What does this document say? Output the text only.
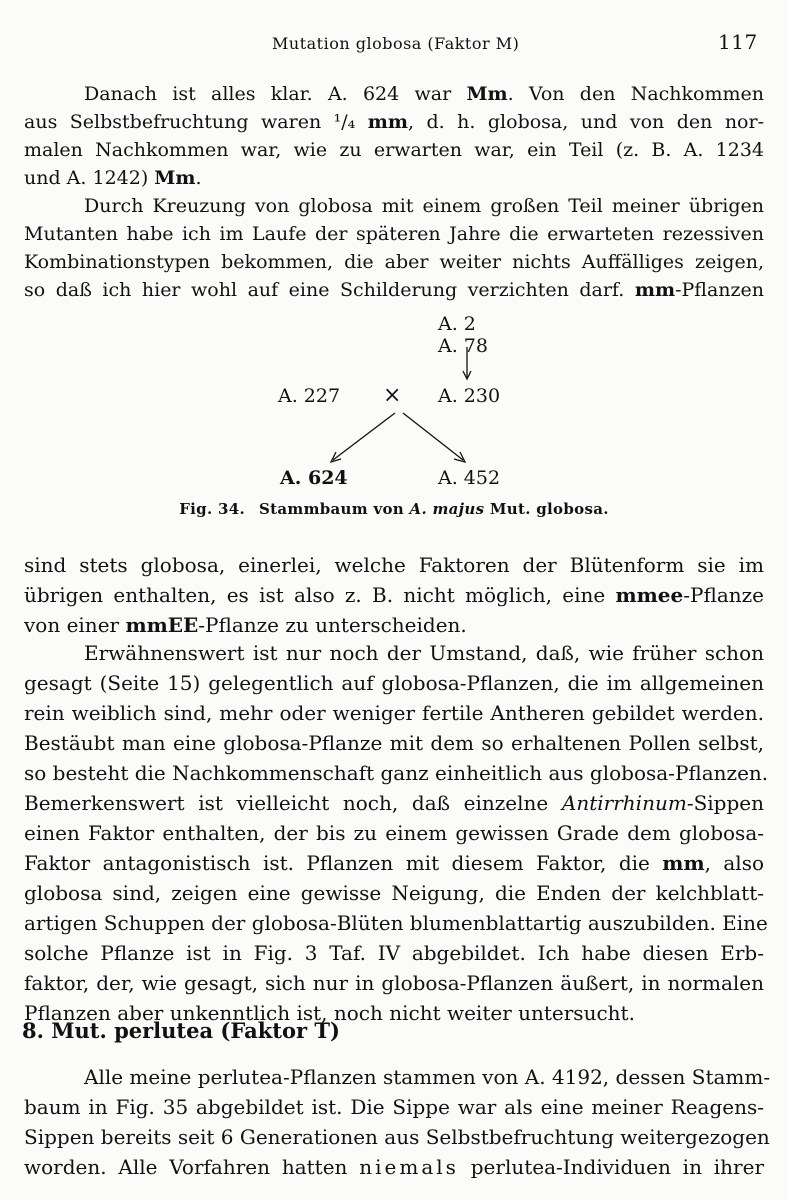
Mutation globosa (Faktor M)	117

Danach ist alles klar. A. 624 war Mm. Von den Nachkommen
aus Selbstbefruchtung waren ¹/₄ mm, d. h. globosa, und von den nor-
malen Nachkommen war, wie zu erwarten war, ein Teil (z. B. A. 1234
und A. 1242) Mm.

Durch Kreuzung von globosa mit einem großen Teil meiner übrigen
Mutanten habe ich im Laufe der späteren Jahre die erwarteten rezessiven
Kombinationstypen bekommen, die aber weiter nichts Auffälliges zeigen,
so daß ich hier wohl auf eine Schilderung verzichten darf. mm-Pflanzen

A. 2
A. 78
A. 227 × A. 230
A. 624	A. 452
Fig. 34. Stammbaum von A. majus Mut. globosa.

sind stets globosa, einerlei, welche Faktoren der Blütenform sie im
übrigen enthalten, es ist also z. B. nicht möglich, eine mmee-Pflanze
von einer mmEE-Pflanze zu unterscheiden.

Erwähnenswert ist nur noch der Umstand, daß, wie früher schon
gesagt (Seite 15) gelegentlich auf globosa-Pflanzen, die im allgemeinen
rein weiblich sind, mehr oder weniger fertile Antheren gebildet werden.
Bestäubt man eine globosa-Pflanze mit dem so erhaltenen Pollen selbst,
so besteht die Nachkommenschaft ganz einheitlich aus globosa-Pflanzen.
Bemerkenswert ist vielleicht noch, daß einzelne Antirrhinum-Sippen
einen Faktor enthalten, der bis zu einem gewissen Grade dem globosa-
Faktor antagonistisch ist. Pflanzen mit diesem Faktor, die mm, also
globosa sind, zeigen eine gewisse Neigung, die Enden der kelchblatt-
artigen Schuppen der globosa-Blüten blumenblattartig auszubilden. Eine
solche Pflanze ist in Fig. 3 Taf. IV abgebildet. Ich habe diesen Erb-
faktor, der, wie gesagt, sich nur in globosa-Pflanzen äußert, in normalen
Pflanzen aber unkenntlich ist, noch nicht weiter untersucht.

8. Mut. perlutea (Faktor T)

Alle meine perlutea-Pflanzen stammen von A. 4192, dessen Stamm-
baum in Fig. 35 abgebildet ist. Die Sippe war als eine meiner Reagens-
Sippen bereits seit 6 Generationen aus Selbstbefruchtung weitergezogen
worden. Alle Vorfahren hatten niemals perlutea-Individuen in ihrer
